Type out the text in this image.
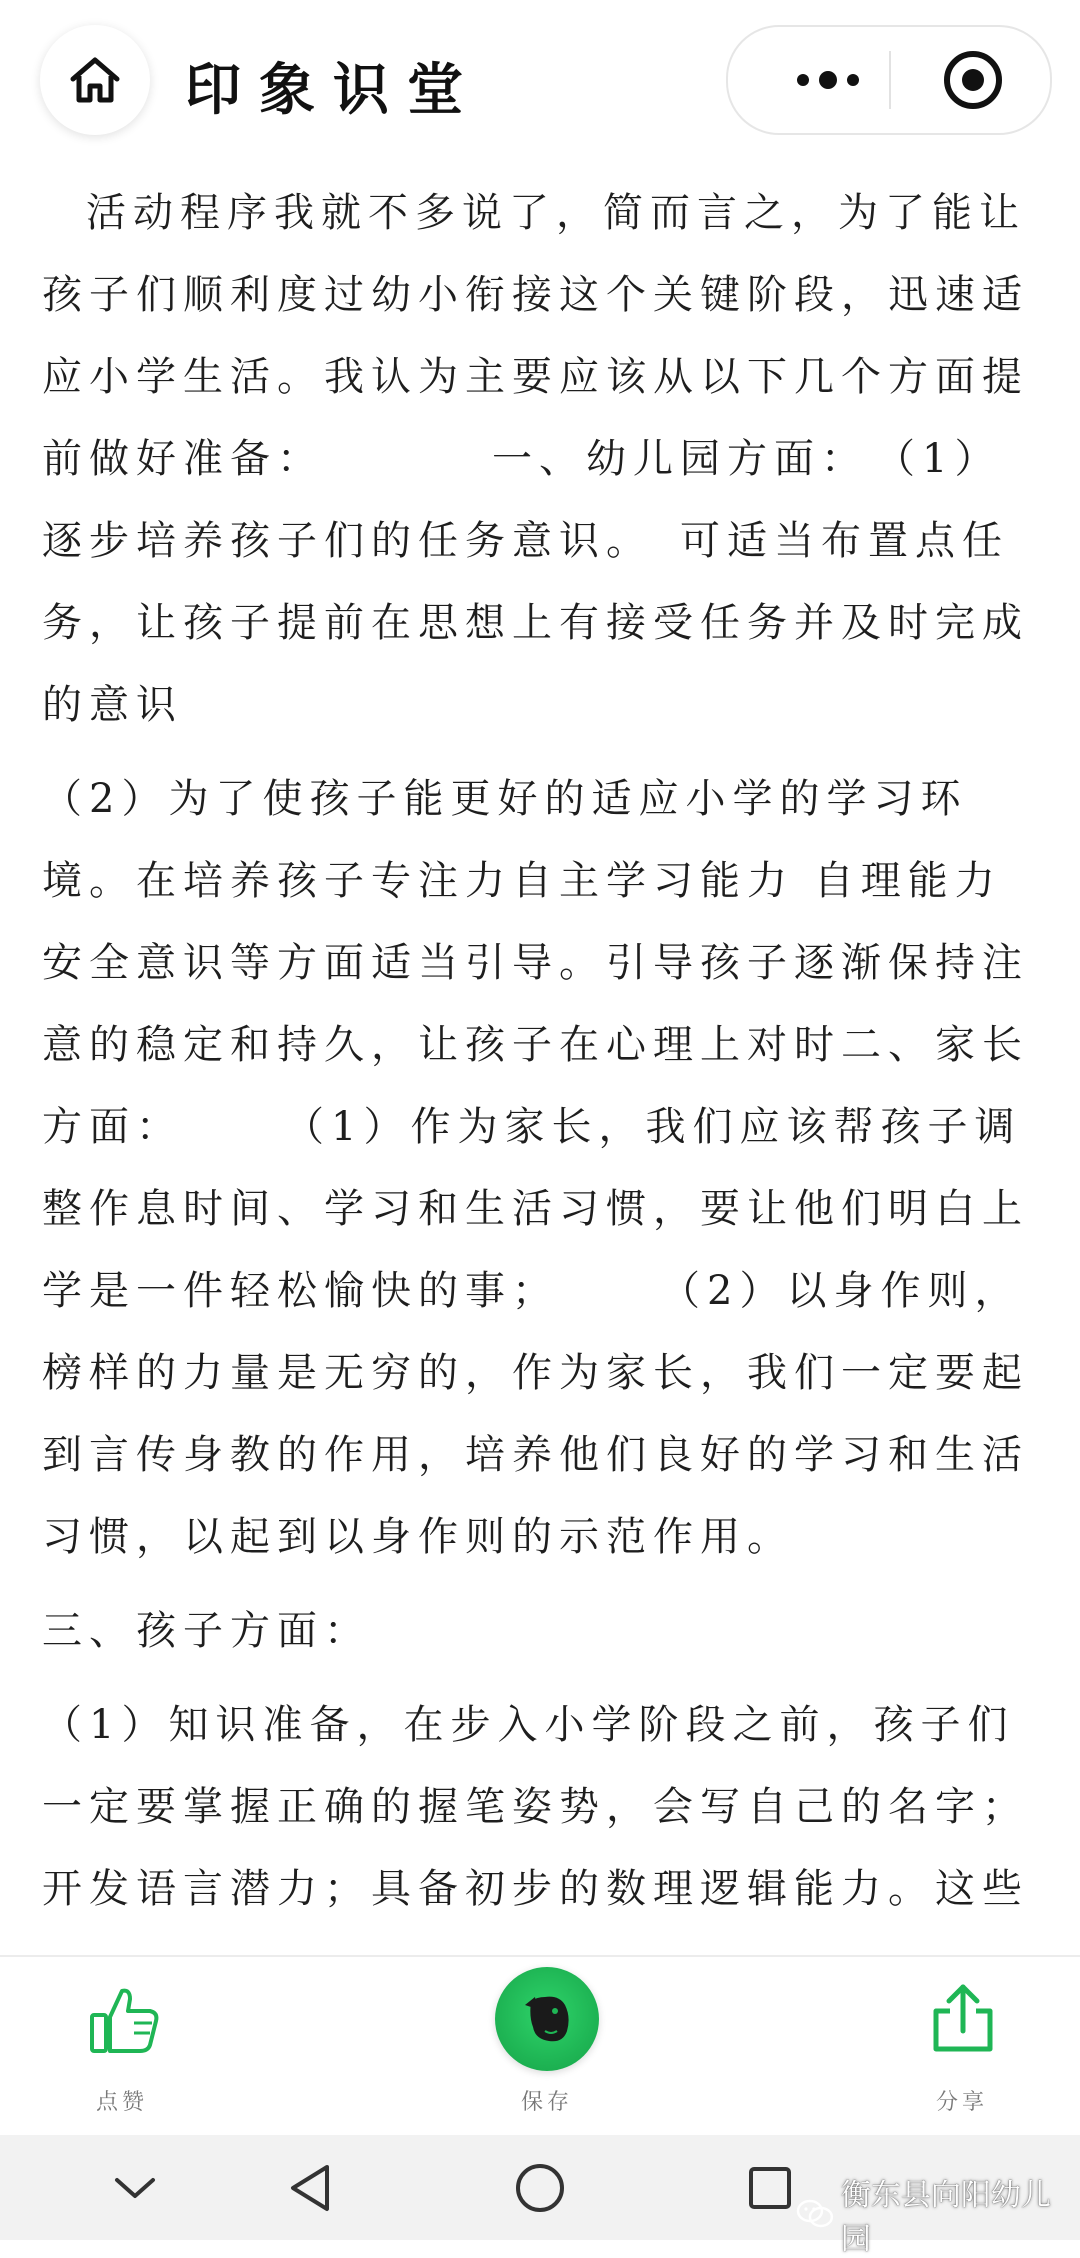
印象识堂

活动程序我就不多说了，简而言之，为了能让孩子们顺利度过幼小衔接这个关键阶段，迅速适应小学生活。我认为主要应该从以下几个方面提前做好准备：　　　　一、幼儿园方面：　（1）逐步培养孩子们的任务意识。　可适当布置点任务，让孩子提前在思想上有接受任务并及时完成的意识

（2）为了使孩子能更好的适应小学的学习环境。在培养孩子专注力自主学习能力 自理能力 安全意识等方面适当引导。引导孩子逐渐保持注意的稳定和持久，让孩子在心理上对时二、家长方面：　　　（1）作为家长，我们应该帮孩子调整作息时间、学习和生活习惯，要让他们明白上学是一件轻松愉快的事；　　　（2）以身作则，榜样的力量是无穷的，作为家长，我们一定要起到言传身教的作用，培养他们良好的学习和生活习惯，以起到以身作则的示范作用。

三、孩子方面：

（1）知识准备，在步入小学阶段之前，孩子们一定要掌握正确的握笔姿势，会写自己的名字；开发语言潜力；具备初步的数理逻辑能力。这些

点赞	保存	分享
衡东县向阳幼儿园
